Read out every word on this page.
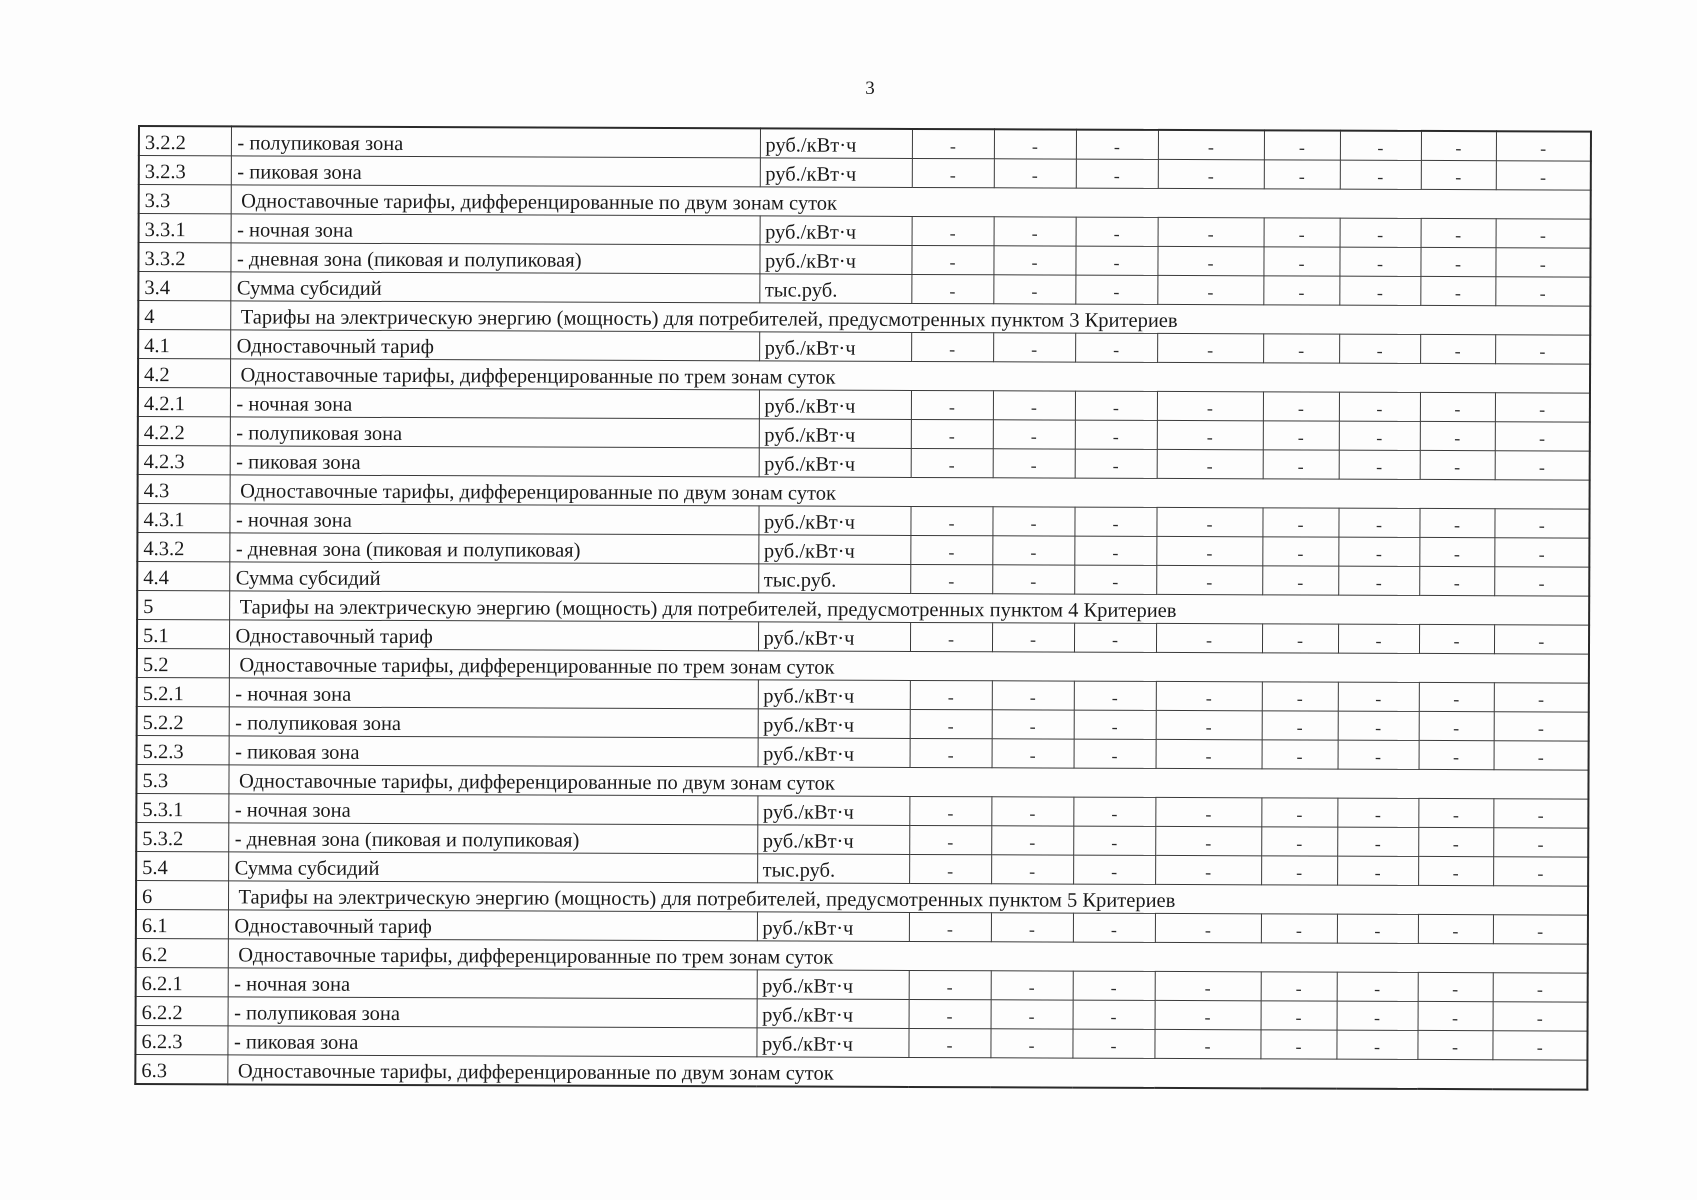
3
3.2.2	- полупиковая зона	руб./кВт·ч	-	-	-	-	-	-	-	-
3.2.3	- пиковая зона	руб./кВт·ч	-	-	-	-	-	-	-	-
3.3	Одноставочные тарифы, дифференцированные по двум зонам суток									
3.3.1	- ночная зона	руб./кВт·ч	-	-	-	-	-	-	-	-
3.3.2	- дневная зона (пиковая и полупиковая)	руб./кВт·ч	-	-	-	-	-	-	-	-
3.4	Сумма субсидий	тыс.руб.	-	-	-	-	-	-	-	-
4	Тарифы на электрическую энергию (мощность) для потребителей, предусмотренных пунктом 3 Критериев									
4.1	Одноставочный тариф	руб./кВт·ч	-	-	-	-	-	-	-	-
4.2	Одноставочные тарифы, дифференцированные по трем зонам суток									
4.2.1	- ночная зона	руб./кВт·ч	-	-	-	-	-	-	-	-
4.2.2	- полупиковая зона	руб./кВт·ч	-	-	-	-	-	-	-	-
4.2.3	- пиковая зона	руб./кВт·ч	-	-	-	-	-	-	-	-
4.3	Одноставочные тарифы, дифференцированные по двум зонам суток									
4.3.1	- ночная зона	руб./кВт·ч	-	-	-	-	-	-	-	-
4.3.2	- дневная зона (пиковая и полупиковая)	руб./кВт·ч	-	-	-	-	-	-	-	-
4.4	Сумма субсидий	тыс.руб.	-	-	-	-	-	-	-	-
5	Тарифы на электрическую энергию (мощность) для потребителей, предусмотренных пунктом 4 Критериев									
5.1	Одноставочный тариф	руб./кВт·ч	-	-	-	-	-	-	-	-
5.2	Одноставочные тарифы, дифференцированные по трем зонам суток									
5.2.1	- ночная зона	руб./кВт·ч	-	-	-	-	-	-	-	-
5.2.2	- полупиковая зона	руб./кВт·ч	-	-	-	-	-	-	-	-
5.2.3	- пиковая зона	руб./кВт·ч	-	-	-	-	-	-	-	-
5.3	Одноставочные тарифы, дифференцированные по двум зонам суток									
5.3.1	- ночная зона	руб./кВт·ч	-	-	-	-	-	-	-	-
5.3.2	- дневная зона (пиковая и полупиковая)	руб./кВт·ч	-	-	-	-	-	-	-	-
5.4	Сумма субсидий	тыс.руб.	-	-	-	-	-	-	-	-
6	Тарифы на электрическую энергию (мощность) для потребителей, предусмотренных пунктом 5 Критериев									
6.1	Одноставочный тариф	руб./кВт·ч	-	-	-	-	-	-	-	-
6.2	Одноставочные тарифы, дифференцированные по трем зонам суток									
6.2.1	- ночная зона	руб./кВт·ч	-	-	-	-	-	-	-	-
6.2.2	- полупиковая зона	руб./кВт·ч	-	-	-	-	-	-	-	-
6.2.3	- пиковая зона	руб./кВт·ч	-	-	-	-	-	-	-	-
6.3	Одноставочные тарифы, дифференцированные по двум зонам суток									
